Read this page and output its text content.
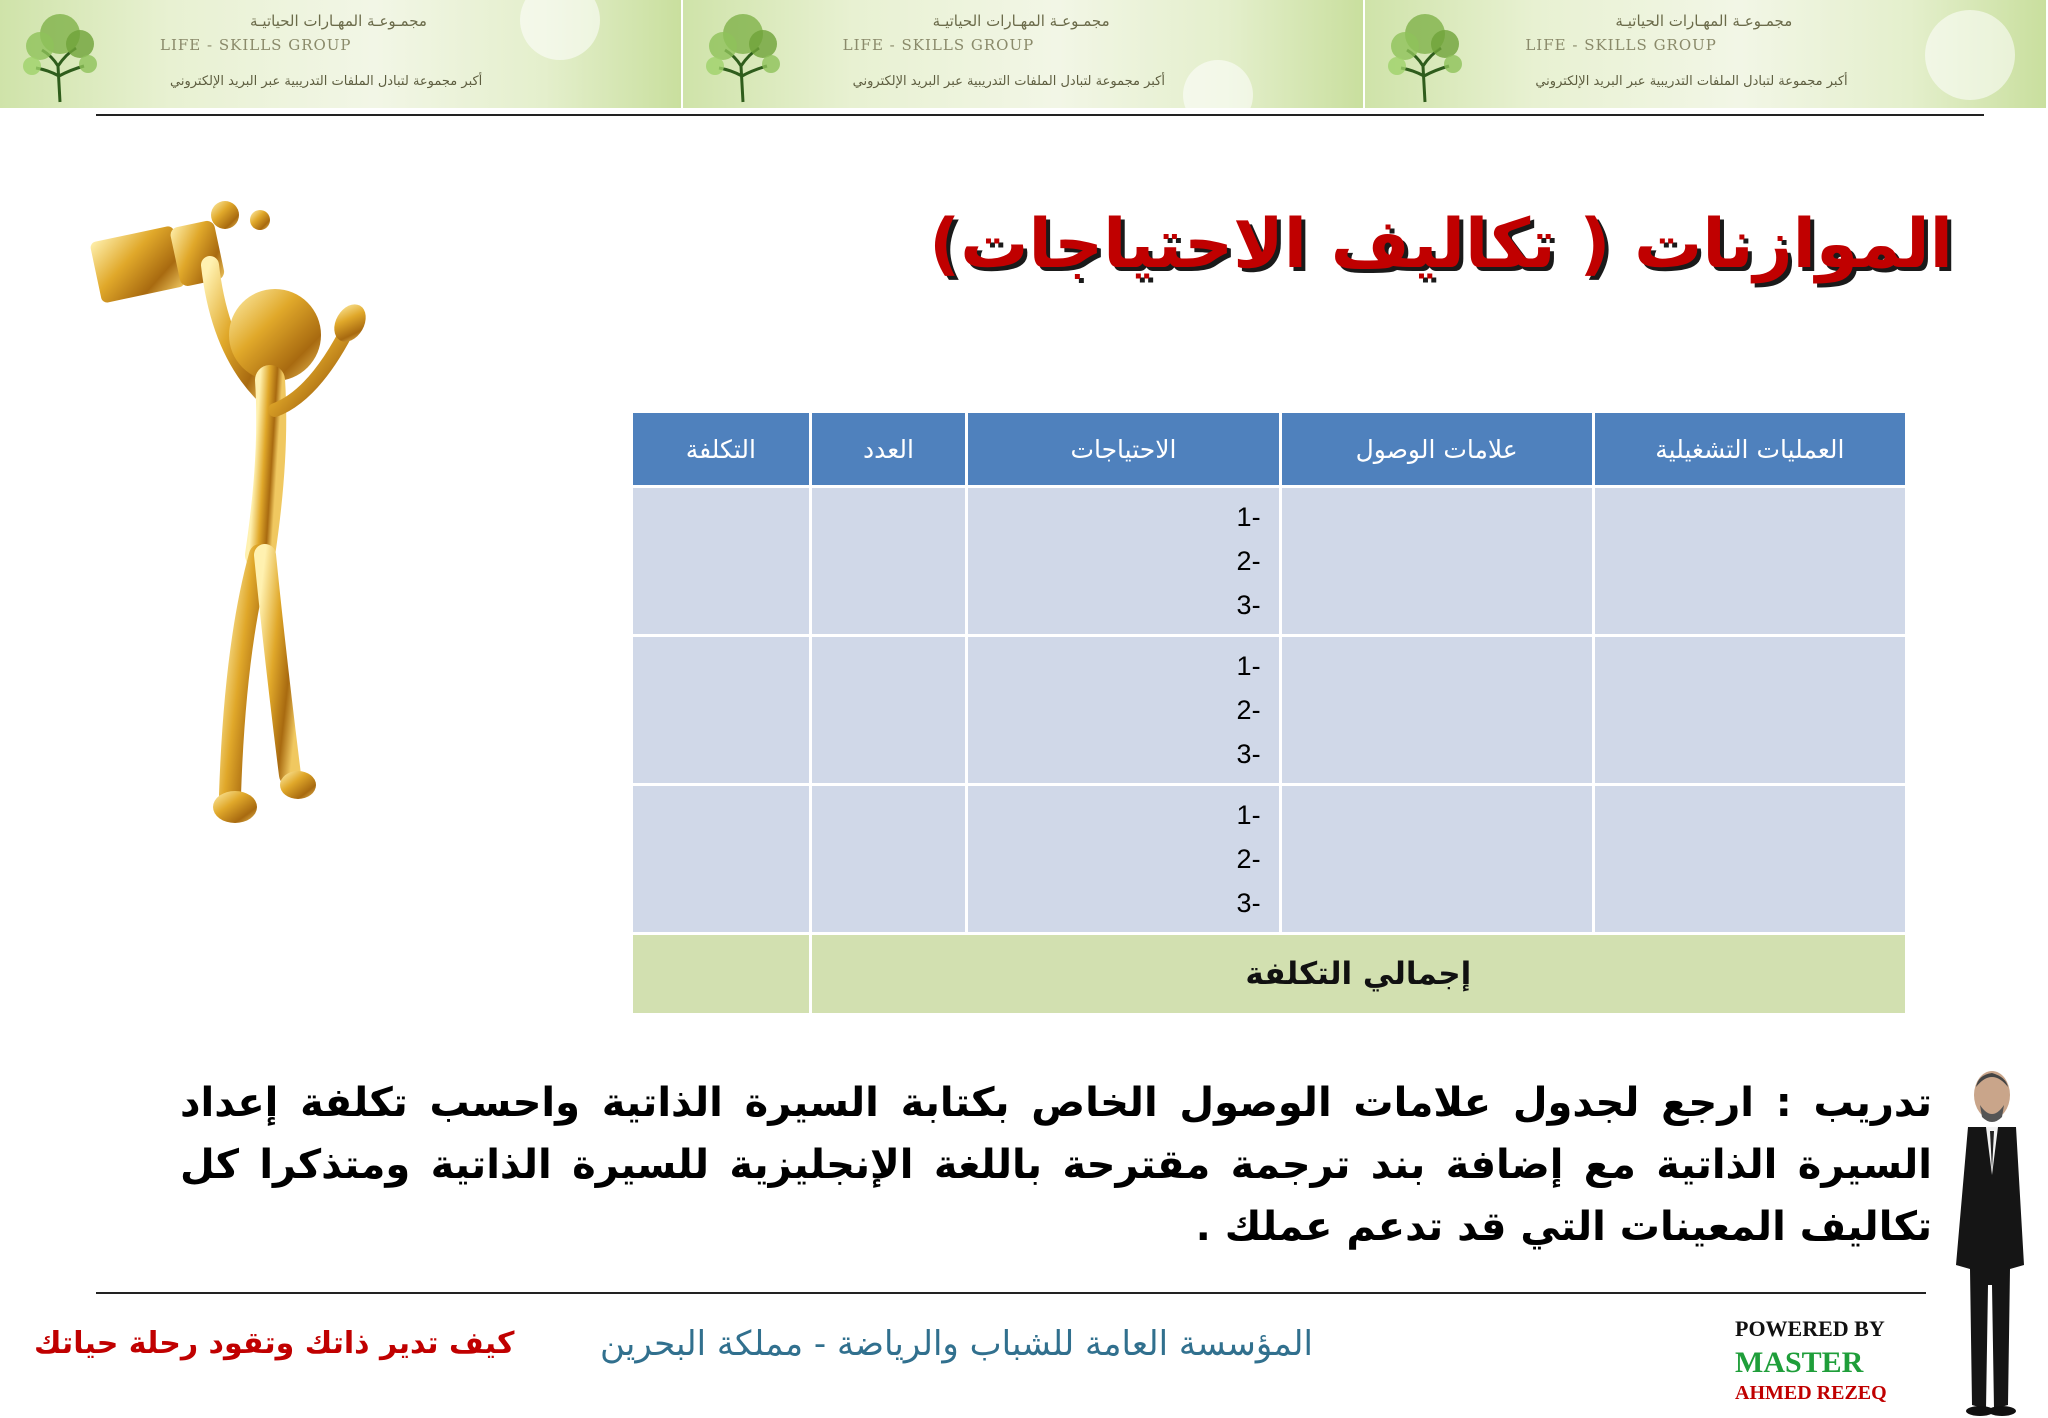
مجمـوعـة المهـارات الحياتيـة
LIFE - SKILLS GROUP
أكبر مجموعة لتبادل الملفات التدريبية عبر البريد الإلكتروني
مجمـوعـة المهـارات الحياتيـة
LIFE - SKILLS GROUP
أكبر مجموعة لتبادل الملفات التدريبية عبر البريد الإلكتروني
مجمـوعـة المهـارات الحياتيـة
LIFE - SKILLS GROUP
أكبر مجموعة لتبادل الملفات التدريبية عبر البريد الإلكتروني
الموازنات ( تكاليف الاحتياجات)
العمليات التشغيلية	علامات الوصول	الاحتياجات	العدد	التكلفة

		-1
-2
-3		

		-1
-2
-3		

		-1
-2
-3		

إجمالي التكلفة				
تدريب : ارجع لجدول علامات الوصول الخاص بكتابة السيرة الذاتية واحسب تكلفة إعداد السيرة الذاتية مع إضافة بند ترجمة مقترحة باللغة الإنجليزية للسيرة الذاتية ومتذكرا كل تكاليف المعينات التي قد تدعم عملك .
كيف تدير ذاتك وتقود رحلة حياتك	المؤسسة العامة للشباب والرياضة - مملكة البحرين	POWERED BY
MASTER
AHMED REZEQ
